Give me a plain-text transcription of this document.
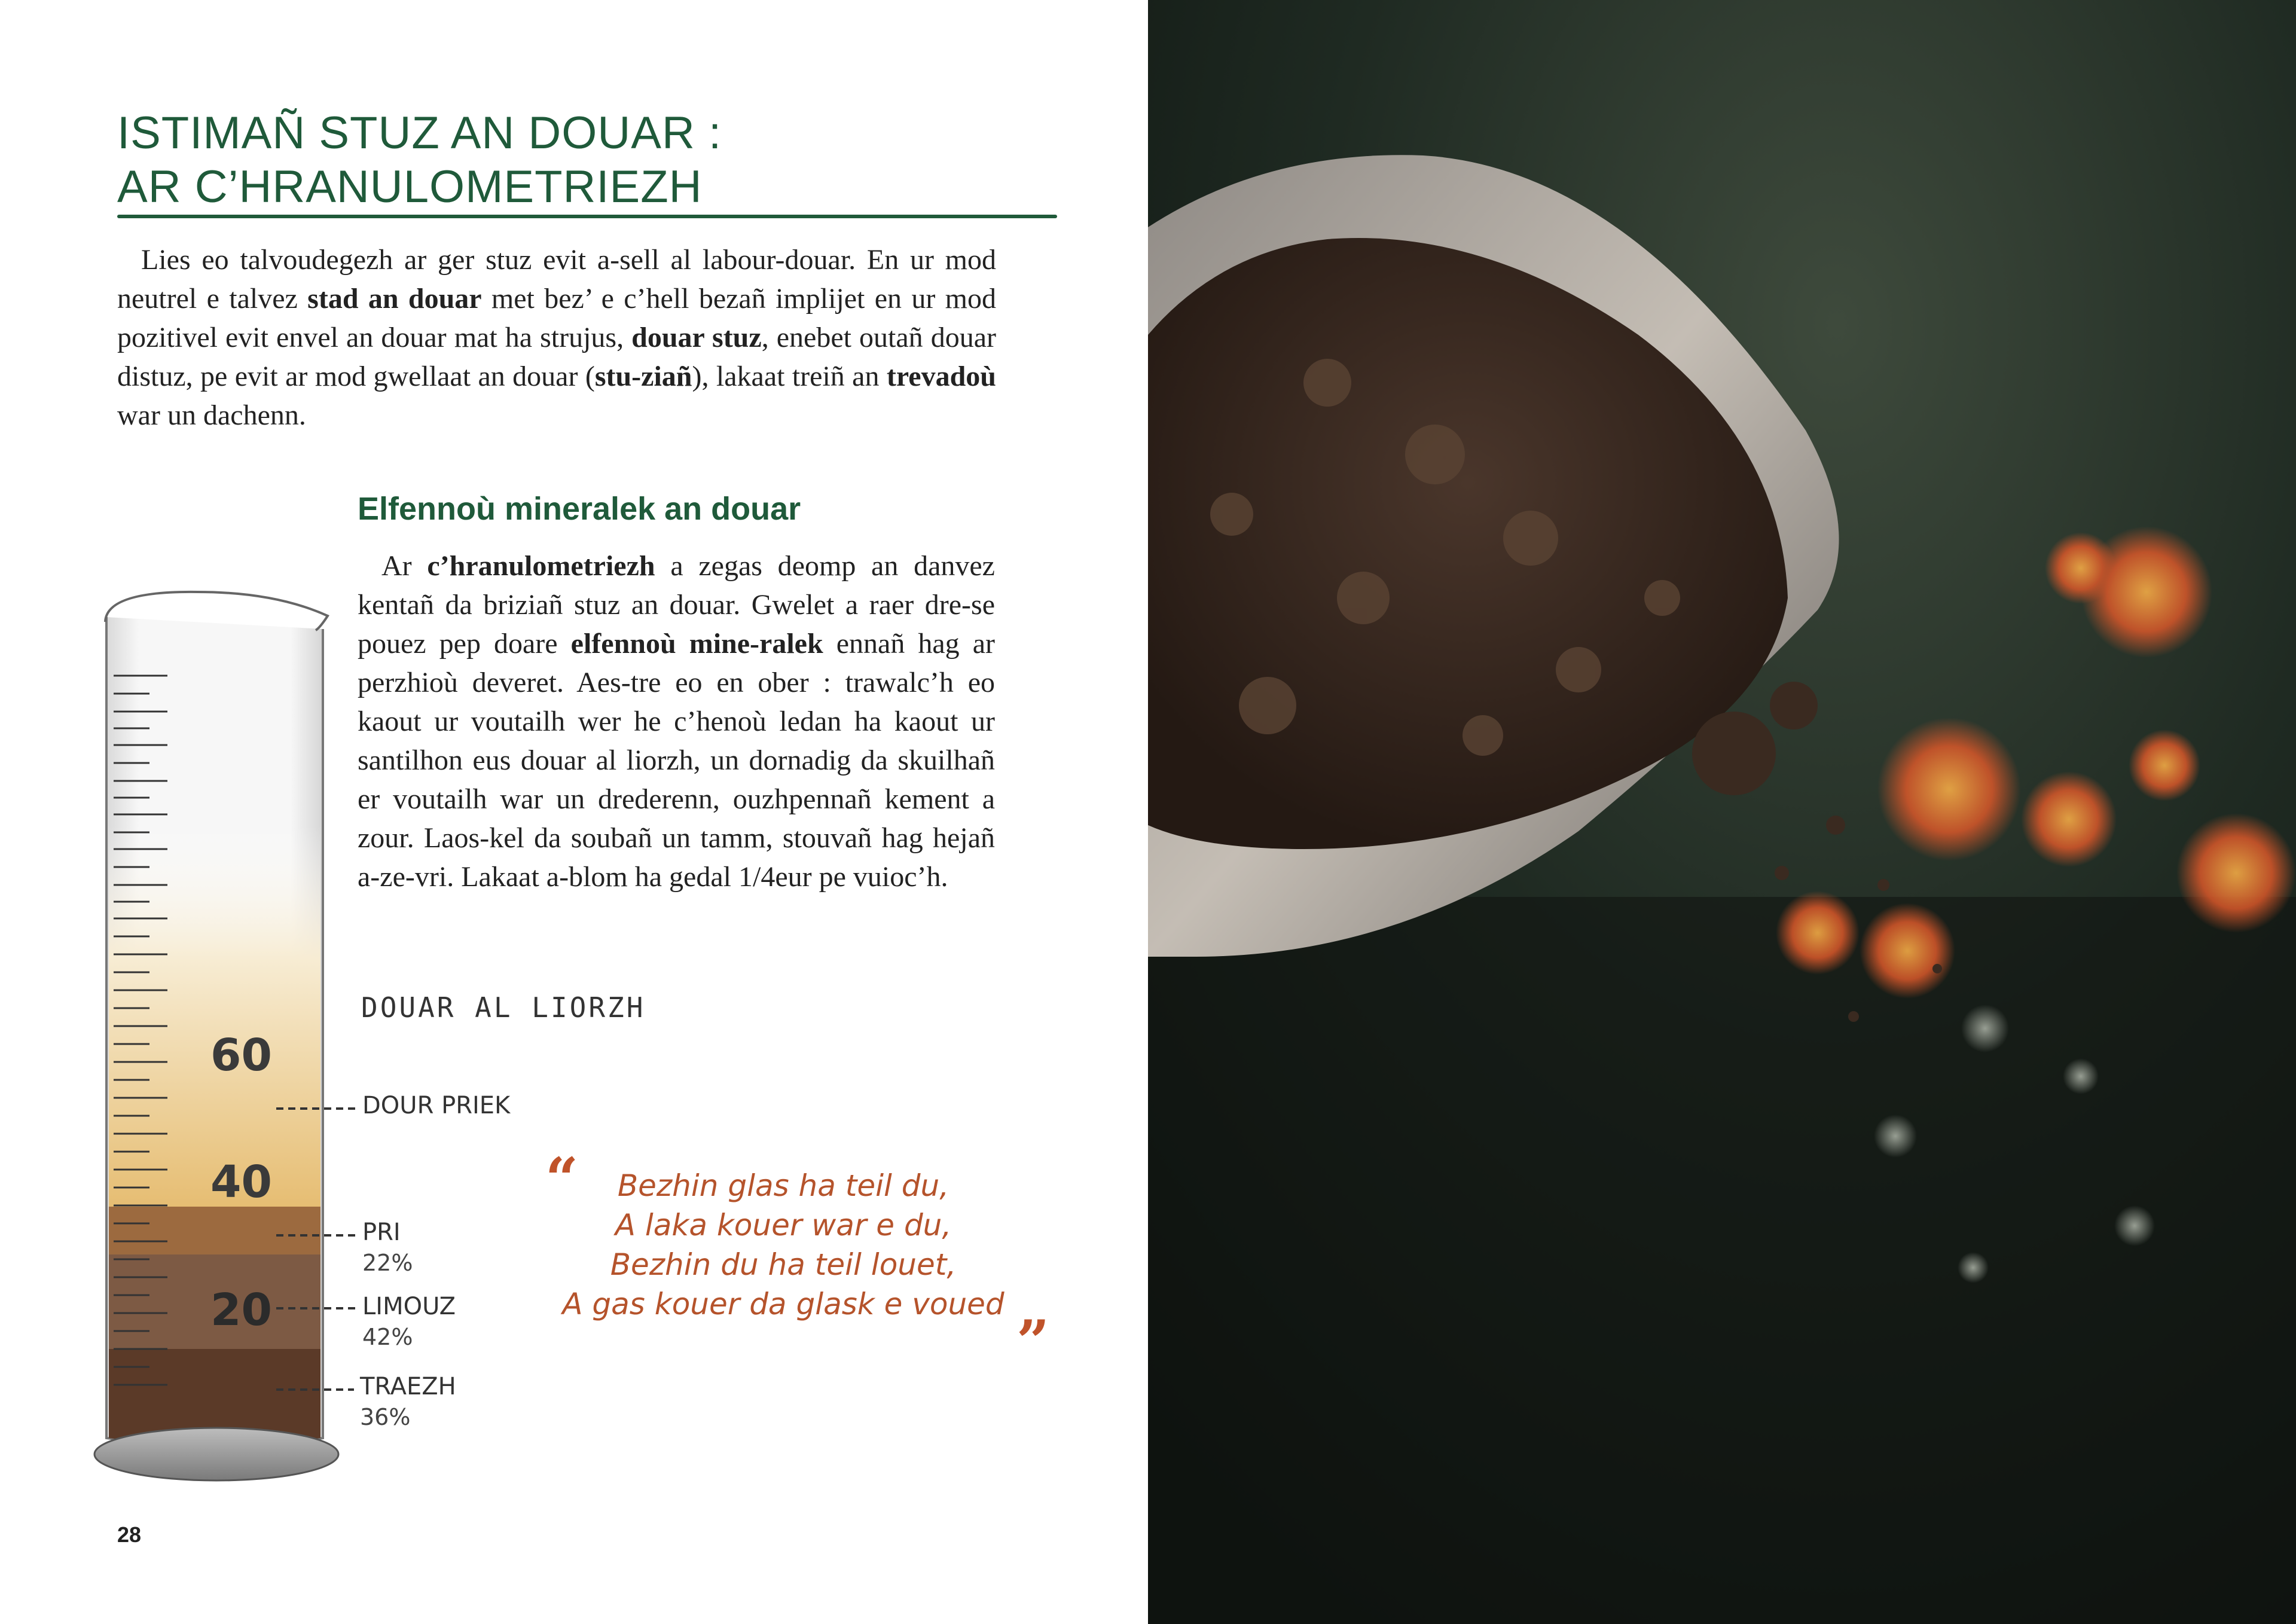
ISTIMAÑ STUZ AN DOUAR :
AR C’HRANULOMETRIEZH

Lies eo talvoudegezh ar ger stuz evit a-sell al labour-douar. En ur mod neutrel e talvez stad an douar met bez’ e c’hell bezañ implijet en ur mod pozitivel evit envel an douar mat ha strujus, douar stuz, enebet outañ douar distuz, pe evit ar mod gwellaat an douar (stu-ziañ), lakaat treiñ an trevadoù war un dachenn.

Elfennoù mineralek an douar

Ar c’hranulometriezh a zegas deomp an danvez kentañ da briziañ stuz an douar. Gwelet a raer dre-se pouez pep doare elfennoù mine-ralek ennañ hag ar perzhioù deveret. Aes-tre eo en ober : trawalc’h eo kaout ur voutailh wer he c’henoù ledan ha kaout ur santilhon eus douar al liorzh, un dornadig da skuilhañ er voutailh war un drederenn, ouzhpennañ kement a zour. Laos-kel da soubañ un tamm, stouvañ hag hejañ a-ze-vri. Lakaat a-blom ha gedal 1/4eur pe vuioc’h.

DOUAR AL LIORZH
60
40
20
DOUR PRIEK
PRI
22%
LIMOUZ
42%
TRAEZH
36%
“	Bezhin glas ha teil du,
A laka kouer war e du,
Bezhin du ha teil louet,
A gas kouer da glask e voued

”
28
